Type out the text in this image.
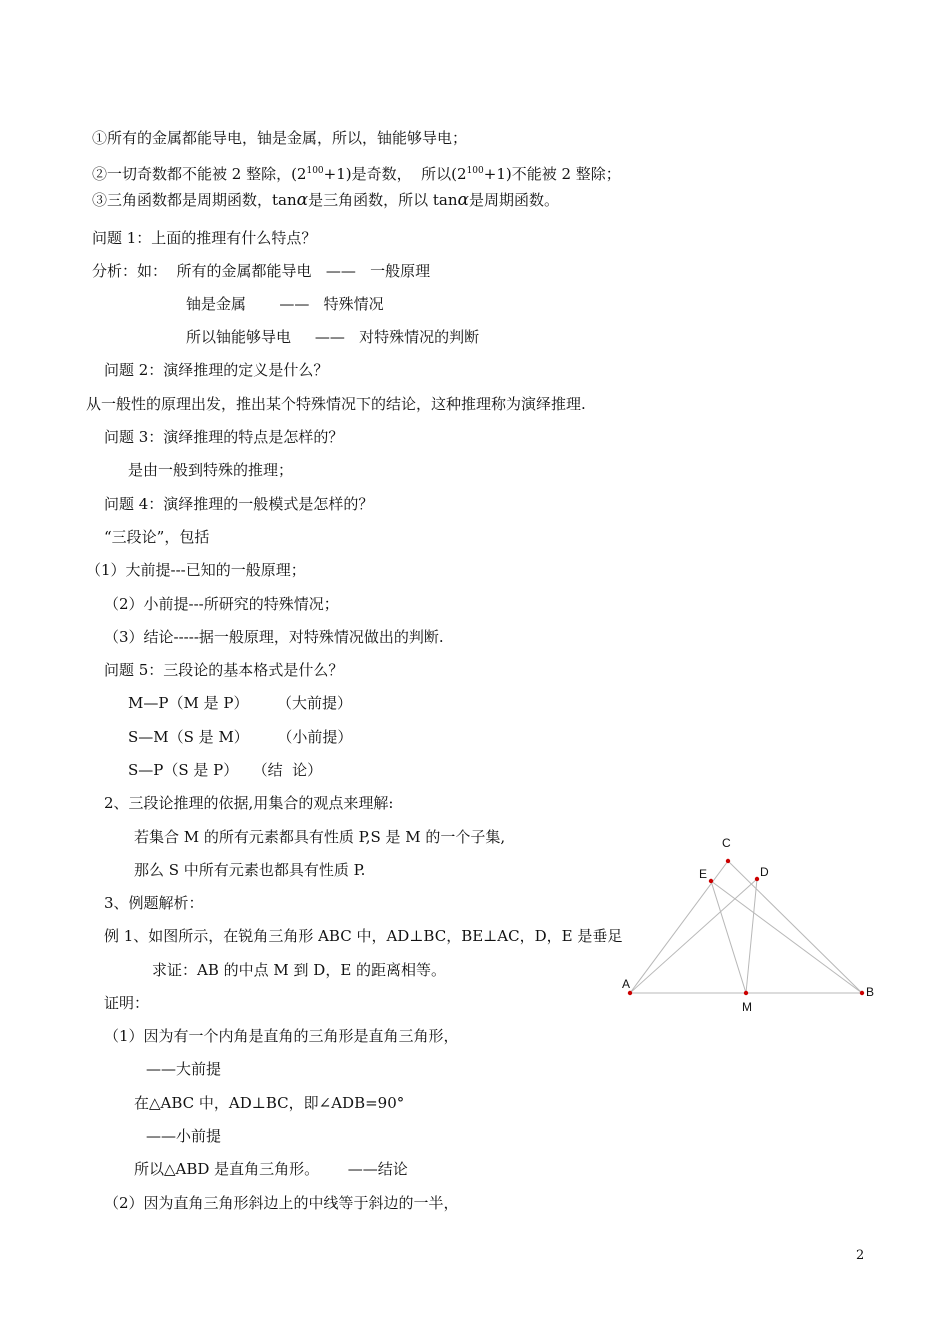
①所有的金属都能导电，铀是金属，所以，铀能够导电；
②一切奇数都不能被 2 整除，$(2^{100}+1)$是奇数，  所以$(2^{100}+1)$不能被 2 整除；
③三角函数都是周期函数，tanα是三角函数，所以 tanα是周期函数。
问题 1：上面的推理有什么特点？
分析：如：  所有的金属都能导电   ——   一般原理
铀是金属       ——   特殊情况
所以铀能够导电     ——   对特殊情况的判断
问题 2：演绎推理的定义是什么？
从一般性的原理出发，推出某个特殊情况下的结论，这种推理称为演绎推理.
问题 3：演绎推理的特点是怎样的？
是由一般到特殊的推理；
问题 4：演绎推理的一般模式是怎样的？
“三段论”，包括
（1）大前提---已知的一般原理；
（2）小前提---所研究的特殊情况；
（3）结论-----据一般原理，对特殊情况做出的判断.
问题 5：三段论的基本格式是什么？
M—P（M 是 P）      （大前提）
S—M（S 是 M）      （小前提）
S—P（S 是 P）   （结  论）
2、三段论推理的依据,用集合的观点来理解:
若集合 M 的所有元素都具有性质 P,S 是 M 的一个子集,
那么 S 中所有元素也都具有性质 P.
3、例题解析：
例 1、如图所示，在锐角三角形 ABC 中，AD⊥BC，BE⊥AC，D，E 是垂足
求证：AB 的中点 M 到 D，E 的距离相等。
证明：
（1）因为有一个内角是直角的三角形是直角三角形，
——大前提
在△ABC 中，AD⊥BC，即∠ADB=90°
——小前提
所以△ABD 是直角三角形。      ——结论
（2）因为直角三角形斜边上的中线等于斜边的一半，
A
B
C
D
E
M
2
